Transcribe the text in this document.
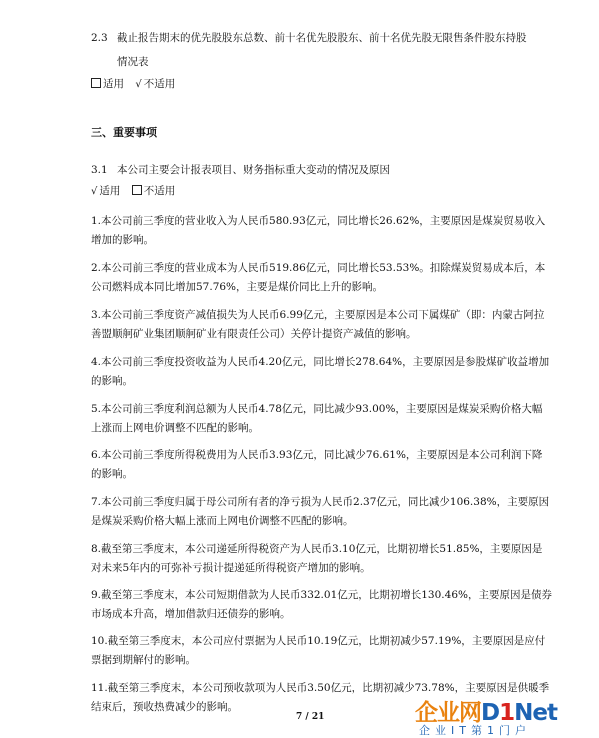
2.3 截止报告期末的优先股股东总数、前十名优先股股东、前十名优先股无限售条件股东持股
情况表
适用 √ 不适用
三、重要事项
3.1 本公司主要会计报表项目、财务指标重大变动的情况及原因
√ 适用 不适用
1.本公司前三季度的营业收入为人民币580.93亿元，同比增长26.62%，主要原因是煤炭贸易收入
增加的影响。
2.本公司前三季度的营业成本为人民币519.86亿元，同比增长53.53%。扣除煤炭贸易成本后，本
公司燃料成本同比增加57.76%，主要是煤价同比上升的影响。
3.本公司前三季度资产减值损失为人民币6.99亿元，主要原因是本公司下属煤矿（即：内蒙古阿拉
善盟顺舸矿业集团顺舸矿业有限责任公司）关停计提资产减值的影响。
4.本公司前三季度投资收益为人民币4.20亿元，同比增长278.64%，主要原因是参股煤矿收益增加
的影响。
5.本公司前三季度利润总额为人民币4.78亿元，同比减少93.00%，主要原因是煤炭采购价格大幅
上涨而上网电价调整不匹配的影响。
6.本公司前三季度所得税费用为人民币3.93亿元，同比减少76.61%，主要原因是本公司利润下降
的影响。
7.本公司前三季度归属于母公司所有者的净亏损为人民币2.37亿元，同比减少106.38%，主要原因
是煤炭采购价格大幅上涨而上网电价调整不匹配的影响。
8.截至第三季度末，本公司递延所得税资产为人民币3.10亿元，比期初增长51.85%，主要原因是
对未来5年内的可弥补亏损计提递延所得税资产增加的影响。
9.截至第三季度末，本公司短期借款为人民币332.01亿元，比期初增长130.46%，主要原因是债券
市场成本升高，增加借款归还债券的影响。
10.截至第三季度末，本公司应付票据为人民币10.19亿元，比期初减少57.19%，主要原因是应付
票据到期解付的影响。
11.截至第三季度末，本公司预收款项为人民币3.50亿元，比期初减少73.78%，主要原因是供暖季
结束后，预收热费减少的影响。
7 / 21	企业网D1Net
企业IT第1门户
